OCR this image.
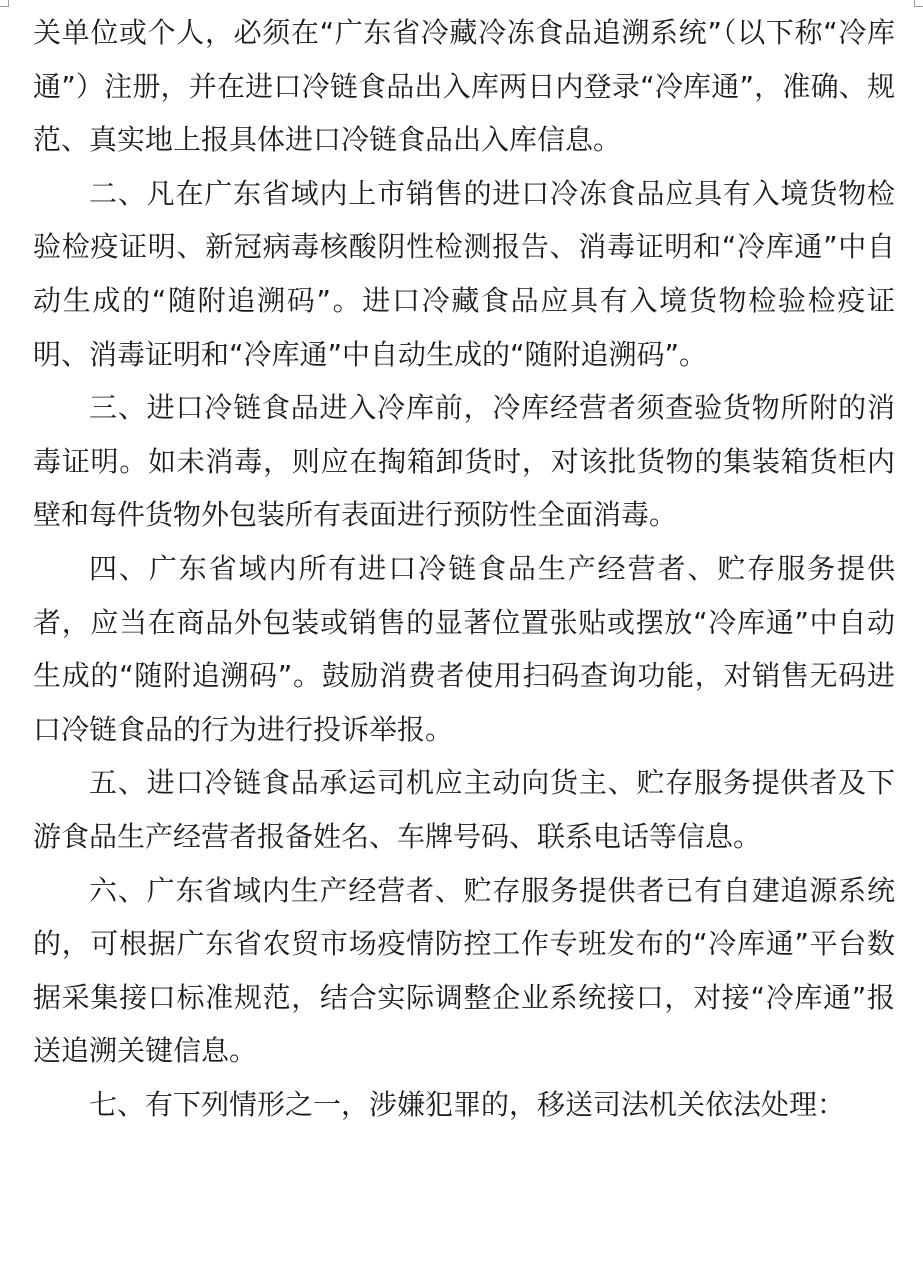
关单位或个人，必须在“广东省冷藏冷冻食品追溯系统”（以下称“冷库通”）注册，并在进口冷链食品出入库两日内登录“冷库通”，准确、规范、真实地上报具体进口冷链食品出入库信息。

二、凡在广东省域内上市销售的进口冷冻食品应具有入境货物检验检疫证明、新冠病毒核酸阴性检测报告、消毒证明和“冷库通”中自动生成的“随附追溯码”。进口冷藏食品应具有入境货物检验检疫证明、消毒证明和“冷库通”中自动生成的“随附追溯码”。

三、进口冷链食品进入冷库前，冷库经营者须查验货物所附的消毒证明。如未消毒，则应在掏箱卸货时，对该批货物的集装箱货柜内壁和每件货物外包装所有表面进行预防性全面消毒。

四、广东省域内所有进口冷链食品生产经营者、贮存服务提供者，应当在商品外包装或销售的显著位置张贴或摆放“冷库通”中自动生成的“随附追溯码”。鼓励消费者使用扫码查询功能，对销售无码进口冷链食品的行为进行投诉举报。

五、进口冷链食品承运司机应主动向货主、贮存服务提供者及下游食品生产经营者报备姓名、车牌号码、联系电话等信息。

六、广东省域内生产经营者、贮存服务提供者已有自建追源系统的，可根据广东省农贸市场疫情防控工作专班发布的“冷库通”平台数据采集接口标准规范，结合实际调整企业系统接口，对接“冷库通”报送追溯关键信息。

七、有下列情形之一，涉嫌犯罪的，移送司法机关依法处理：
